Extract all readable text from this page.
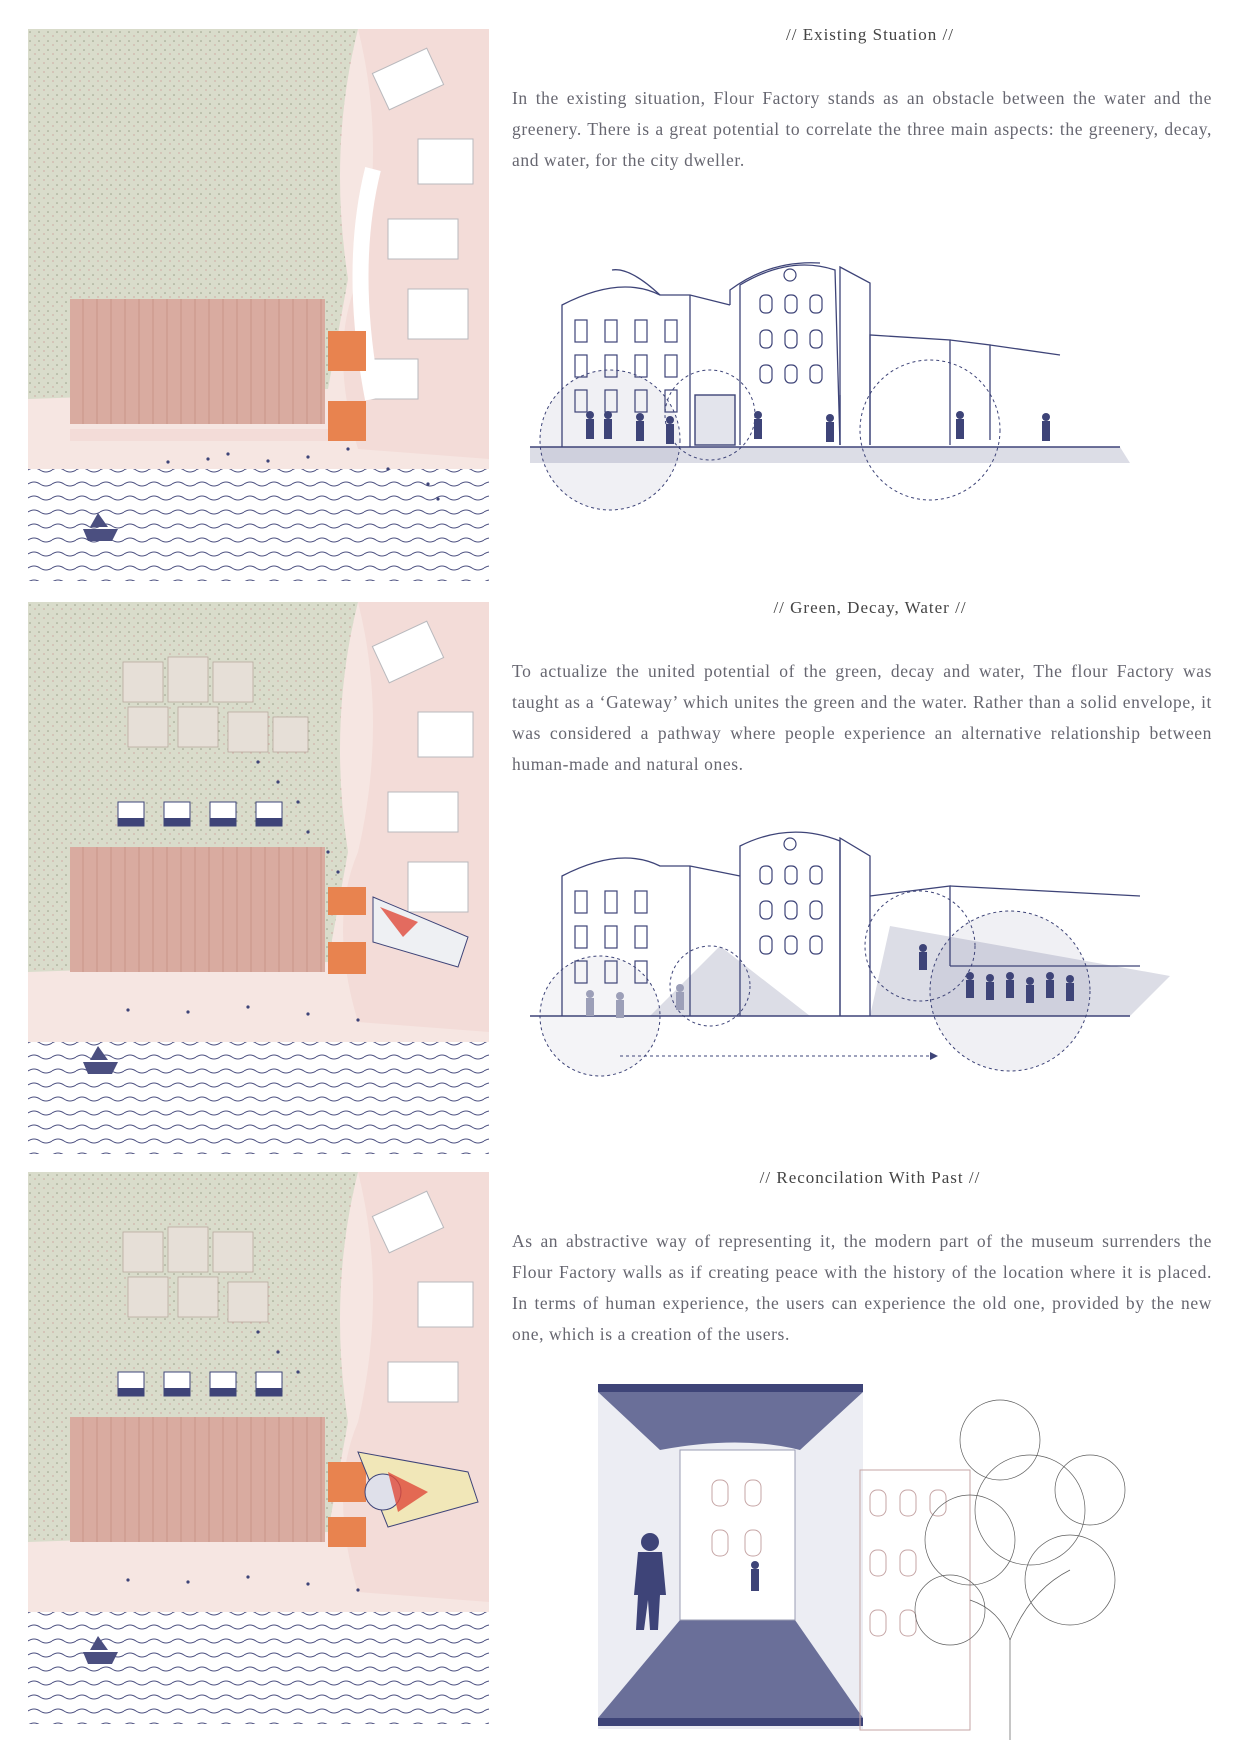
// Existing Stuation //
In the existing situation, Flour Factory stands as an obstacle between the water and the greenery. There is a great potential to correlate the three main aspects: the greenery, decay, and water, for the city dweller.
// Green, Decay, Water //
To actualize the united potential of the green, decay and water, The flour Factory was taught as a ‘Gateway’ which unites the green and the water. Rather than a solid envelope, it was considered a pathway where people experience an alternative relationship between human-made and natural ones.
// Reconcilation With Past //
As an abstractive way of representing it, the modern part of the museum surrenders the Flour Factory walls as if creating peace with the history of the location where it is placed. In terms of human experience, the users can experience the old one, provided by the new one, which is a creation of the users.
